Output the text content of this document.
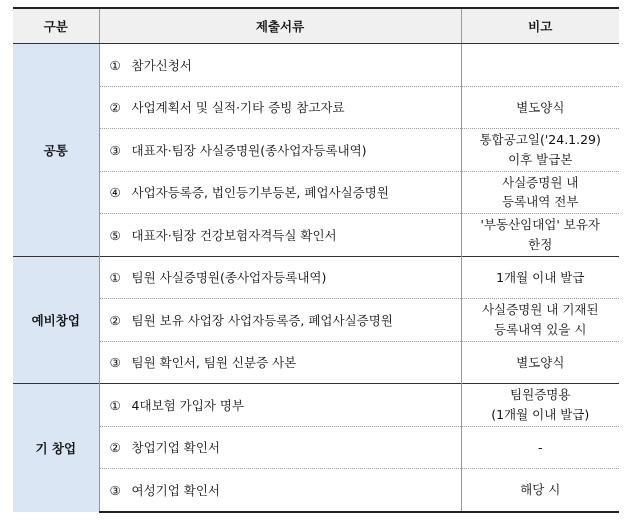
구분	제출서류	비고
공통	① 참가신청서	
	② 사업계획서 및 실적·기타 증빙 참고자료	별도양식
	③ 대표자·팀장 사실증명원(종사업자등록내역)	통합공고일('24.1.29)
이후 발급본
	④ 사업자등록증, 법인등기부등본, 폐업사실증명원	사실증명원 내
등록내역 전부
	⑤ 대표자·팀장 건강보험자격득실 확인서	'부동산임대업' 보유자
한정
예비창업	① 팀원 사실증명원(종사업자등록내역)	1개월 이내 발급
	② 팀원 보유 사업장 사업자등록증, 폐업사실증명원	사실증명원 내 기재된
등록내역 있을 시
	③ 팀원 확인서, 팀원 신분증 사본	별도양식
기 창업	① 4대보험 가입자 명부	팀원증명용
(1개월 이내 발급)
	② 창업기업 확인서	-
	③ 여성기업 확인서	해당 시
